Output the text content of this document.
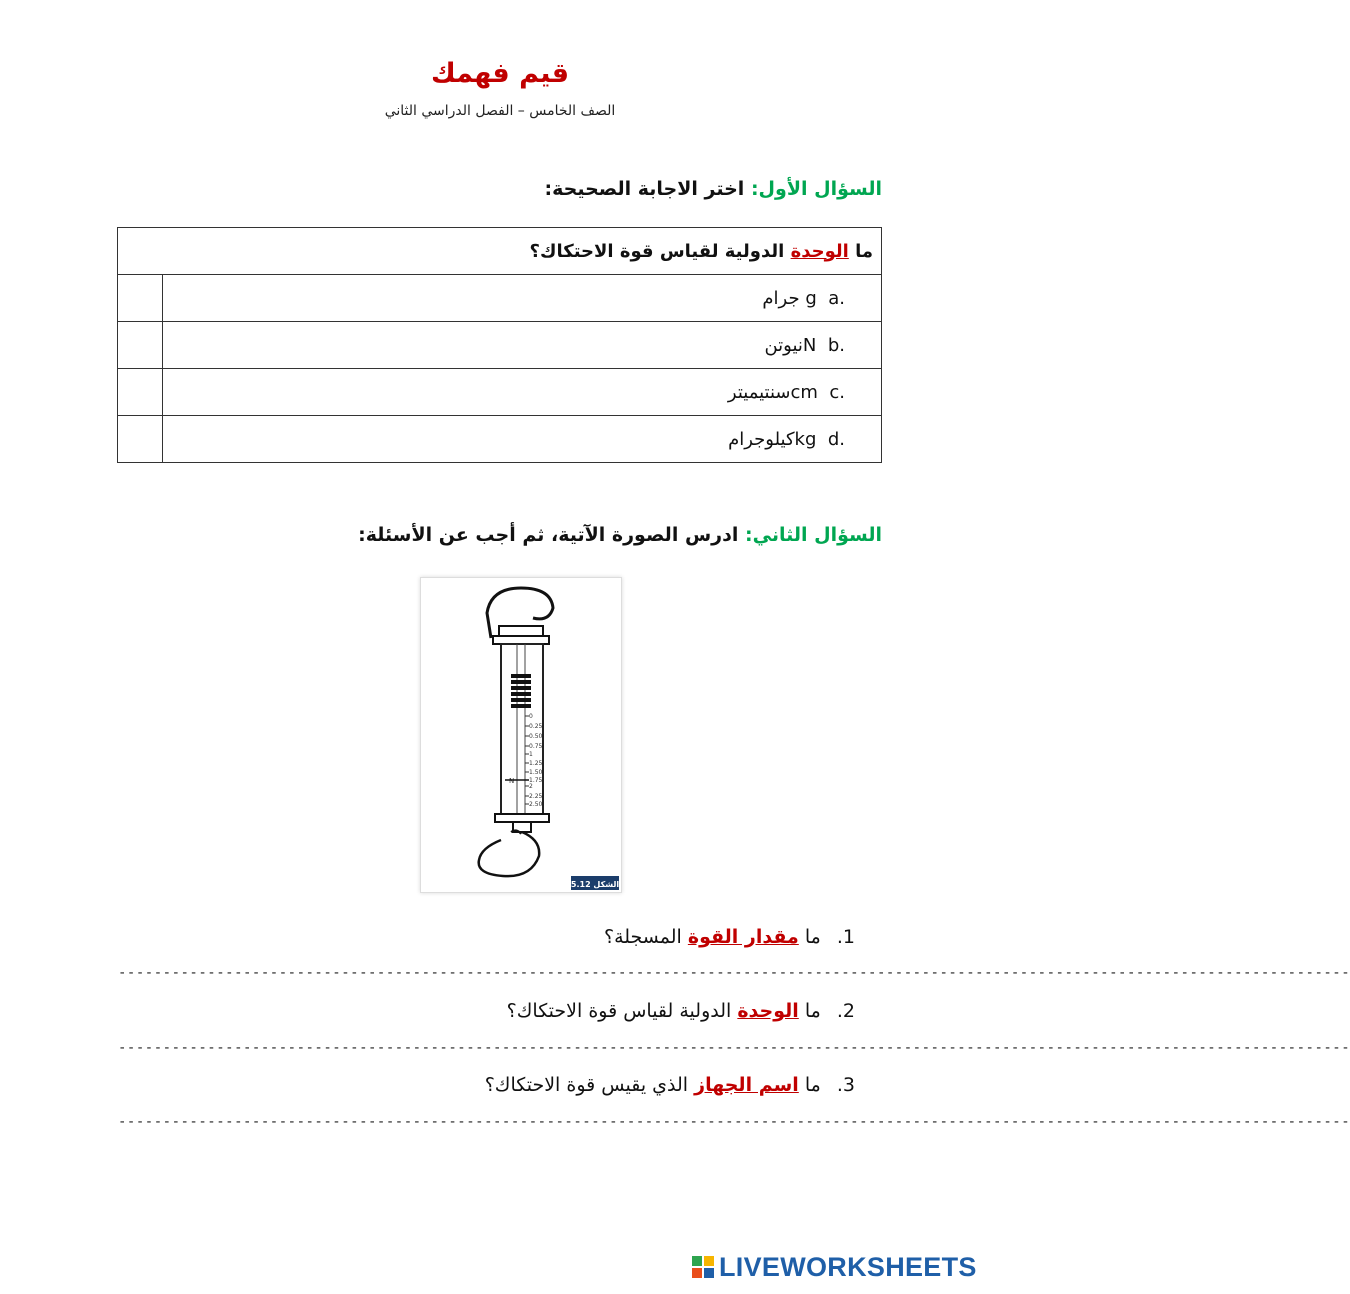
قيم فهمك
الصف الخامس – الفصل الدراسي الثاني
السؤال الأول: اختر الاجابة الصحيحة:
ما الوحدة الدولية لقياس قوة الاحتكاك؟	
جرام g a.	
نيوتنN b.	
سنتيميترcm c.	
كيلوجرامkg d.	
السؤال الثاني: ادرس الصورة الآتية، ثم أجب عن الأسئلة:
0
0.25
0.50
0.75
1
1.25
1.50
1.75
2
2.25
2.50
N
الشكل 5.12
1. ما مقدار القوة المسجلة؟
------------------------------------------------------------------------------------------------------------------------------------------
2. ما الوحدة الدولية لقياس قوة الاحتكاك؟
------------------------------------------------------------------------------------------------------------------------------------------
3. ما اسم الجهاز الذي يقيس قوة الاحتكاك؟
------------------------------------------------------------------------------------------------------------------------------------------
LIVEWORKSHEETS
